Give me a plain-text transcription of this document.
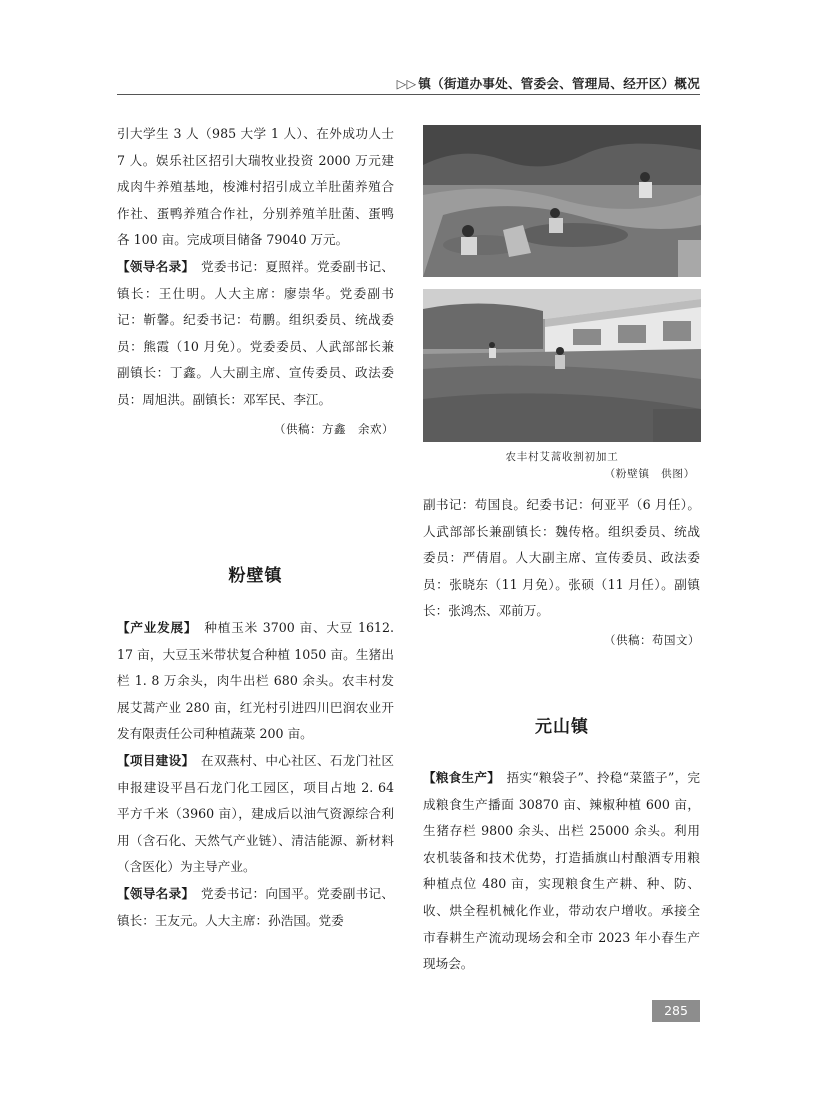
▷▷ 镇（街道办事处、管委会、管理局、经开区）概况

引大学生 3 人（985 大学 1 人）、在外成功人士 7 人。娱乐社区招引大瑞牧业投资 2000 万元建成肉牛养殖基地，梭滩村招引成立羊肚菌养殖合作社、蛋鸭养殖合作社，分别养殖羊肚菌、蛋鸭各 100 亩。完成项目储备 79040 万元。

【领导名录】　 党委书记：夏照祥。党委副书记、镇长：王仕明。人大主席：廖崇华。党委副书记：靳馨。纪委书记：苟鹏。组织委员、统战委员：熊霞（10 月免）。党委委员、人武部部长兼副镇长：丁鑫。人大副主席、宣传委员、政法委员：周旭洪。副镇长：邓军民、李江。

（供稿：方鑫　余欢）

粉壁镇

【产业发展】　 种植玉米 3700 亩、大豆 1612. 17 亩，大豆玉米带状复合种植 1050 亩。生猪出栏 1. 8 万余头，肉牛出栏 680 余头。农丰村发展艾蒿产业 280 亩，红光村引进四川巴润农业开发有限责任公司种植蔬菜 200 亩。

【项目建设】　 在双燕村、中心社区、石龙门社区申报建设平昌石龙门化工园区，项目占地 2. 64 平方千米（3960 亩），建成后以油气资源综合利用（含石化、天然气产业链）、清洁能源、新材料（含医化）为主导产业。

【领导名录】　 党委书记：向国平。党委副书记、镇长：王友元。人大主席：孙浩国。党委

农丰村艾蒿收割初加工
（粉壁镇　供图）

副书记：苟国良。纪委书记：何亚平（6 月任）。人武部部长兼副镇长：魏传格。组织委员、统战委员：严倩眉。人大副主席、宣传委员、政法委员：张晓东（11 月免）。张硕（11 月任）。副镇长：张鸿杰、邓前万。

（供稿：苟国文）

元山镇

【粮食生产】　 捂实“粮袋子”、拎稳“菜篮子”，完成粮食生产播面 30870 亩、辣椒种植 600 亩，生猪存栏 9800 余头、出栏 25000 余头。利用农机装备和技术优势，打造插旗山村酿酒专用粮种植点位 480 亩，实现粮食生产耕、种、防、收、烘全程机械化作业，带动农户增收。承接全市春耕生产流动现场会和全市 2023 年小春生产现场会。

285
